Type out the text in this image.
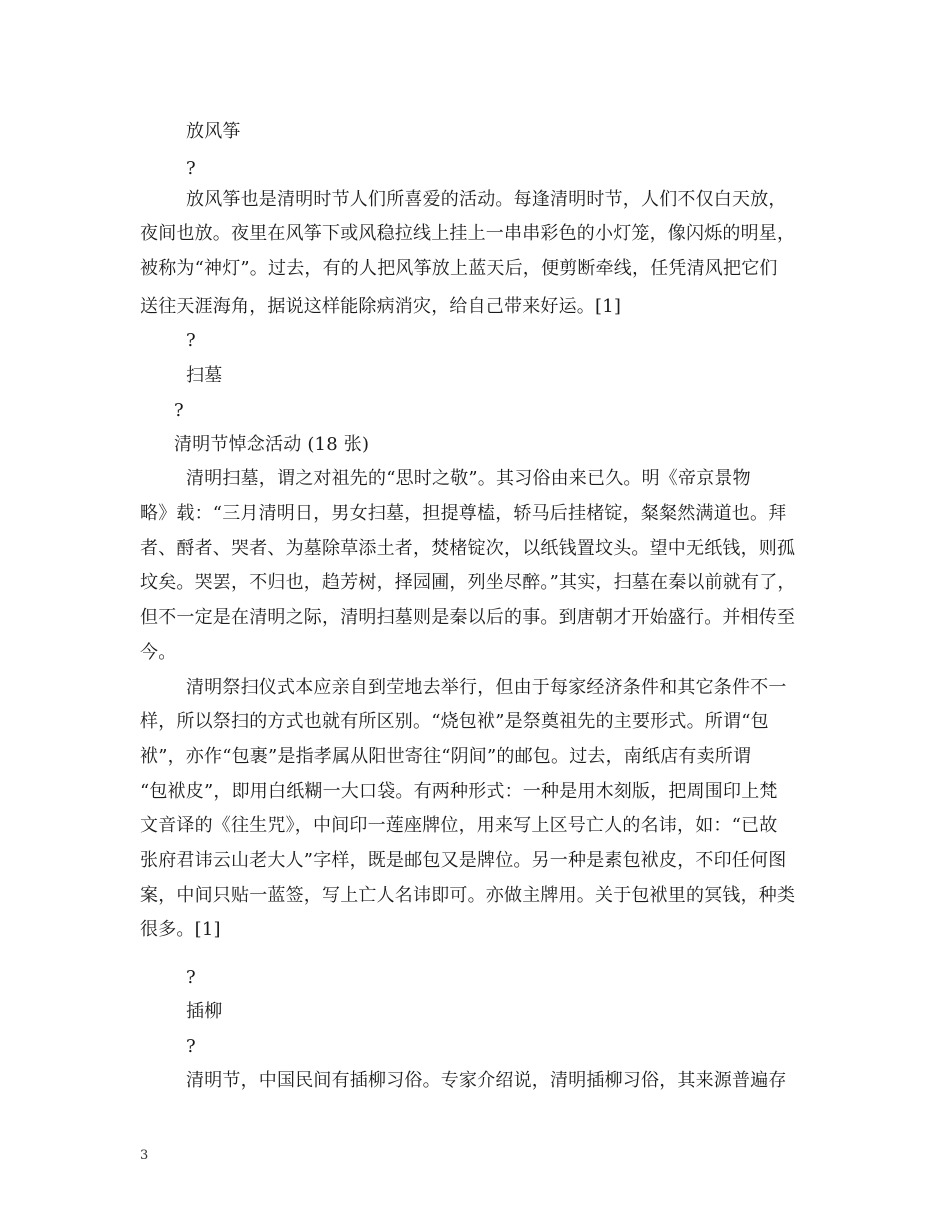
放风筝
?
放风筝也是清明时节人们所喜爱的活动。每逢清明时节，人们不仅白天放，
夜间也放。夜里在风筝下或风稳拉线上挂上一串串彩色的小灯笼，像闪烁的明星，
被称为“神灯”。过去，有的人把风筝放上蓝天后，便剪断牵线，任凭清风把它们
送往天涯海角，据说这样能除病消灾，给自己带来好运。[1]
?
扫墓
?
清明节悼念活动 (18 张)
清明扫墓，谓之对祖先的“思时之敬”。其习俗由来已久。明《帝京景物
略》载：“三月清明日，男女扫墓，担提尊榼，轿马后挂楮锭，粲粲然满道也。拜
者、酹者、哭者、为墓除草添土者，焚楮锭次，以纸钱置坟头。望中无纸钱，则孤
坟矣。哭罢，不归也，趋芳树，择园圃，列坐尽醉。”其实，扫墓在秦以前就有了，
但不一定是在清明之际，清明扫墓则是秦以后的事。到唐朝才开始盛行。并相传至
今。
清明祭扫仪式本应亲自到茔地去举行，但由于每家经济条件和其它条件不一
样，所以祭扫的方式也就有所区别。“烧包袱”是祭奠祖先的主要形式。所谓“包
袱”，亦作“包裹”是指孝属从阳世寄往“阴间”的邮包。过去，南纸店有卖所谓
“包袱皮”，即用白纸糊一大口袋。有两种形式：一种是用木刻版，把周围印上梵
文音译的《往生咒》，中间印一莲座牌位，用来写上区号亡人的名讳，如：“已故
张府君讳云山老大人”字样，既是邮包又是牌位。另一种是素包袱皮，不印任何图
案，中间只贴一蓝签，写上亡人名讳即可。亦做主牌用。关于包袱里的冥钱，种类
很多。[1]
?
插柳
?
清明节，中国民间有插柳习俗。专家介绍说，清明插柳习俗，其来源普遍存
3
